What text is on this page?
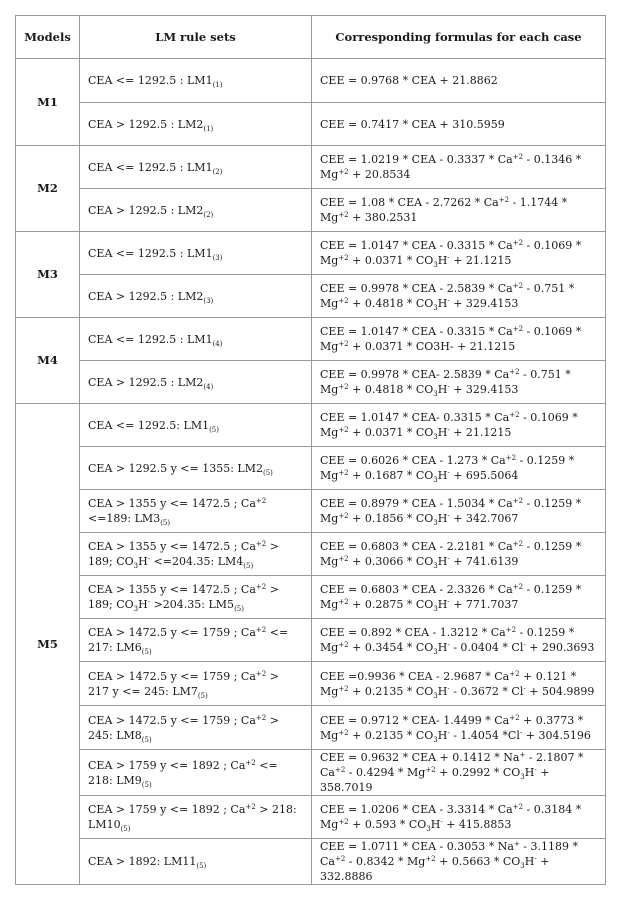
Models	LM rule sets	Corresponding formulas for each case
M1	CEA <= 1292.5 : $LM1_{(1)}$	CEE = 0.9768 * CEA + 21.8862
	CEA > 1292.5 : $LM2_{(1)}$	CEE = 0.7417 * CEA + 310.5959
M2	CEA <= 1292.5 : $LM1_{(2)}$	CEE = 1.0219 * CEA - $0.3337 * Ca^{+2} - 0.1346 * Mg^{+2} + 20.8534$
	CEA > 1292.5 : $LM2_{(2)}$	CEE = 1.08 * CEA - $2.7262 * Ca^{+2} - 1.1744 * Mg^{+2} + 380.2531$
M3	CEA <= 1292.5 : $LM1_{(3)}$	CEE = 1.0147 * CEA - $0.3315 * Ca^{+2} - 0.1069 * Mg^{+2} + 0.0371 * CO_3H^- + 21.1215$
	CEA > 1292.5 : $LM2_{(3)}$	CEE = 0.9978 * CEA - $2.5839 * Ca^{+2} - 0.751 * Mg^{+2} + 0.4818 * CO_3H^- + 329.4153$
M4	CEA <= 1292.5 : $LM1_{(4)}$	CEE = 1.0147 * CEA - $0.3315 * Ca^{+2} - 0.1069 * Mg^{+2} + 0.0371 * CO3H- + 21.1215$
	CEA > 1292.5 : $LM2_{(4)}$	CEE = 0.9978 * CEA- $2.5839 * Ca^{+2} - 0.751 * Mg^{+2} + 0.4818 * CO_3H^- + 329.4153$
M5	CEA <= 1292.5: $LM1_{(5)}$	CEE = 1.0147 * CEA- $0.3315 * Ca^{+2} - 0.1069 * Mg^{+2} + 0.0371 * CO_3H^- + 21.1215$
	CEA > 1292.5 y <= 1355: $LM2_{(5)}$	CEE = 0.6026 * CEA - $1.273 * Ca^{+2} - 0.1259 * Mg^{+2} + 0.1687 * CO_3H^- + 695.5064$
	CEA > 1355 y <= 1472.5 ; $Ca^{+2} <=189$: $LM3_{(5)}$	CEE = 0.8979 * CEA - $1.5034 * Ca^{+2} - 0.1259 * Mg^{+2} + 0.1856 * CO_3H^- + 342.7067$
	CEA > 1355 y <= 1472.5 ; $Ca^{+2} > 189$; $CO_3H^- <=204.35$: $LM4_{(5)}$	CEE = 0.6803 * CEA - $2.2181 * Ca^{+2} - 0.1259 * Mg^{+2} + 0.3066 * CO_3H^- + 741.6139$
	CEA > 1355 y <= 1472.5 ; $Ca^{+2} > 189$; $CO_3H^- >204.35$: $LM5_{(5)}$	CEE = 0.6803 * CEA - $2.3326 * Ca^{+2} - 0.1259 * Mg^{+2} + 0.2875 * CO_3H^- + 771.7037$
	CEA > 1472.5 y <= 1759 ; $Ca^{+2} <= 217$: $LM6_{(5)}$	CEE = 0.892 * CEA - $1.3212 * Ca^{+2} - 0.1259 * Mg^{+2} + 0.3454 * CO_3H^- - 0.0404 * Cl^- + 290.3693$
	CEA > 1472.5 y <= 1759 ; $Ca^{+2} > 217$ y <= 245: $LM7_{(5)}$	CEE =0.9936 * CEA - $2.9687 * Ca^{+2} + 0.121 * Mg^{+2} + 0.2135 * CO_3H^- - 0.3672 * Cl^- + 504.9899$
	CEA > 1472.5 y <= 1759 ; $Ca^{+2} > 245$: $LM8_{(5)}$	CEE = 0.9712 * CEA- $1.4499 * Ca^{+2} + 0.3773 * Mg^{+2} + 0.2135 * CO_3H^- - 1.4054$ *Cl- + 304.5196
	CEA > 1759 y <= 1892 ; $Ca^{+2} <= 218$: $LM9_{(5)}$	CEE = 0.9632 * CEA + $0.1412 * Na^+ - 2.1807 * Ca^{+2} - 0.4294 * Mg^{+2} + 0.2992 * CO_3H^- + 358.7019$
	CEA > 1759 y <= 1892 ; $Ca^{+2} > 218$: $LM10_{(5)}$	CEE = 1.0206 * CEA - $3.3314 * Ca^{+2} - 0.3184 * Mg^{+2} + 0.593 * CO_3H^- + 415.8853$
	CEA > 1892: $LM11_{(5)}$	CEE = 1.0711 * CEA - $0.3053 * Na^+ - 3.1189 * Ca^{+2} - 0.8342 * Mg^{+2} + 0.5663 * CO_3H^- + 332.8886$
